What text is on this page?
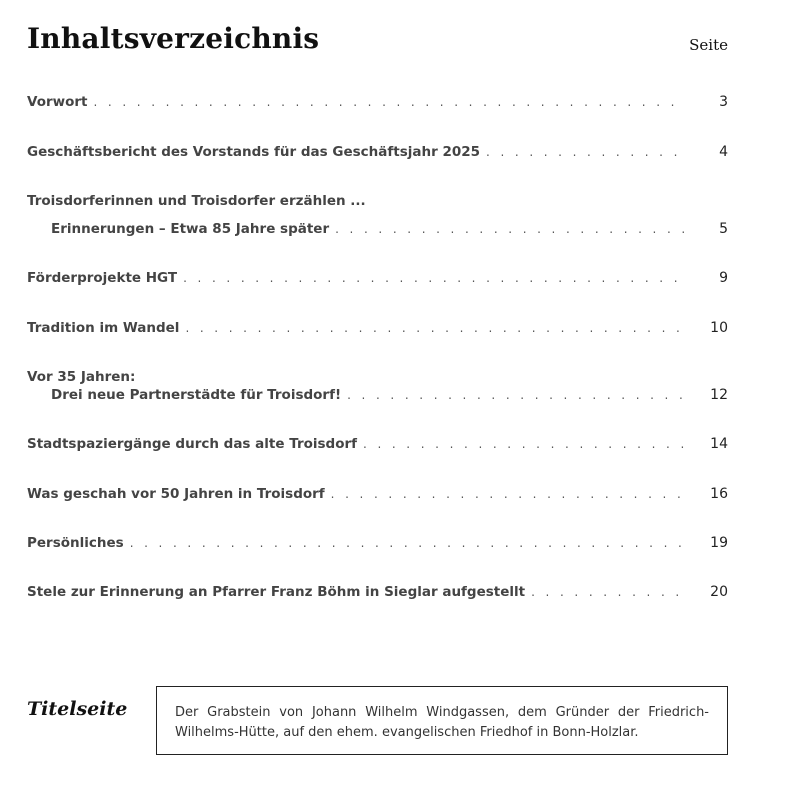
Inhaltsverzeichnis	Seite
Vorwort . . .	3
Geschäftsbericht des Vorstands für das Geschäftsjahr 2025 . . .	4
Troisdorferinnen und Troisdorfer erzählen ...
Erinnerungen – Etwa 85 Jahre später . . .	5
Förderprojekte HGT . . .	9
Tradition im Wandel . . .	10
Vor 35 Jahren:
Drei neue Partnerstädte für Troisdorf! . . .	12
Stadtspaziergänge durch das alte Troisdorf . . .	14
Was geschah vor 50 Jahren in Troisdorf . . .	16
Persönliches . . .	19
Stele zur Erinnerung an Pfarrer Franz Böhm in Sieglar aufgestellt . . .	20
Titelseite	Der Grabstein von Johann Wilhelm Windgassen, dem Gründer der Friedrich-Wilhelms-Hütte, auf den ehem. evangelischen Friedhof in Bonn-Holzlar.
